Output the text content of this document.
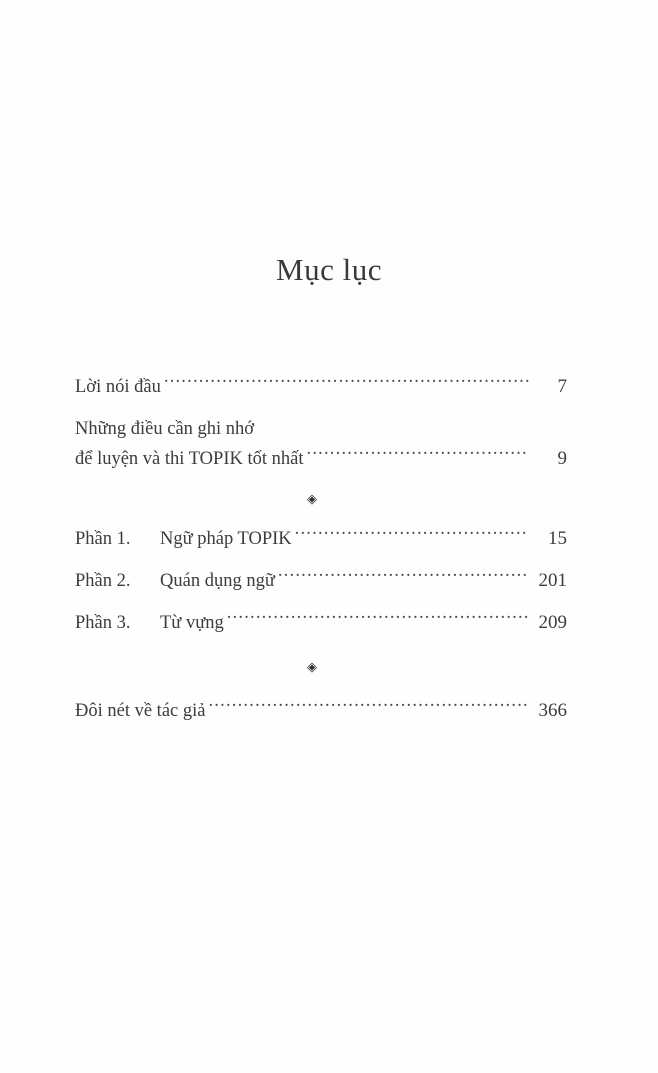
Mục lục
Lời nói đầu .....	7
Những điều cần ghi nhớ
để luyện và thi TOPIK tốt nhất .....	9
◈
Phần 1.	Ngữ pháp TOPIK .....	15
Phần 2.	Quán dụng ngữ .....	201
Phần 3.	Từ vựng .....	209
◈
Đôi nét về tác giả .....	366
